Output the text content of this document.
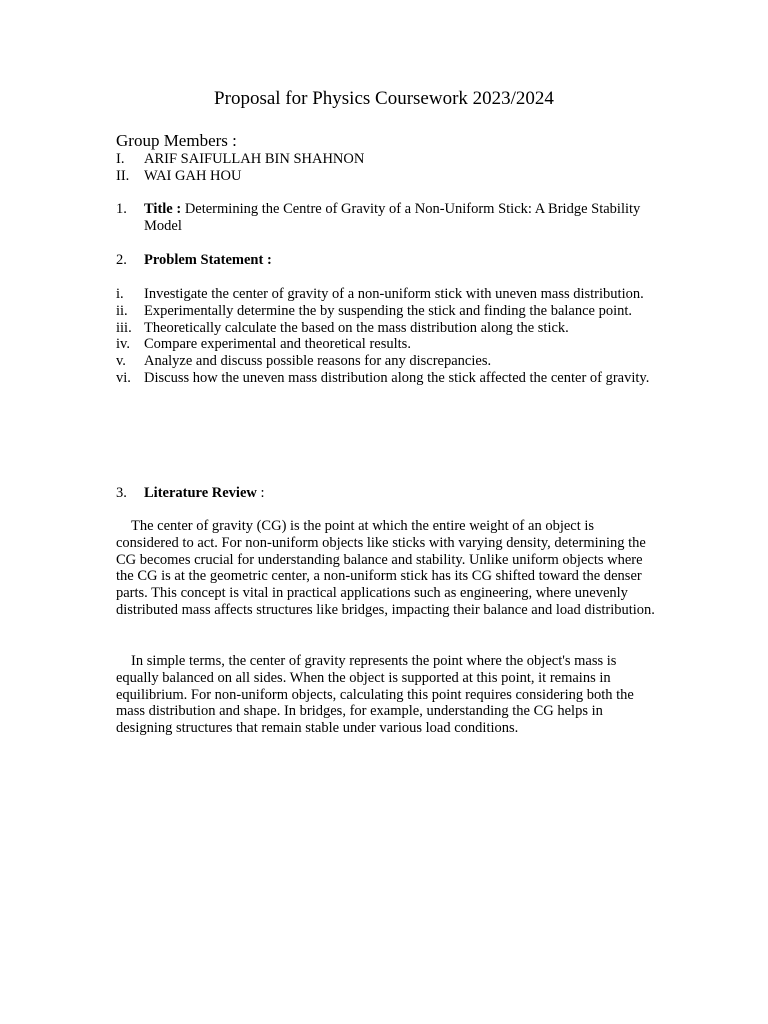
Proposal for Physics Coursework 2023/2024
Group Members :
I.	ARIF SAIFULLAH BIN SHAHNON
II.	WAI GAH HOU
1.	Title : Determining the Centre of Gravity of a Non-Uniform Stick: A Bridge Stability Model
2.	Problem Statement :
i.	Investigate the center of gravity of a non-uniform stick with uneven mass distribution.
ii.	Experimentally determine the by suspending the stick and finding the balance point.
iii. Theoretically calculate the based on the mass distribution along the stick.
iv. Compare experimental and theoretical results.
v.	Analyze and discuss possible reasons for any discrepancies.
vi. Discuss how the uneven mass distribution along the stick affected the center of gravity.
3.	Literature Review :

The center of gravity (CG) is the point at which the entire weight of an object is considered to act. For non-uniform objects like sticks with varying density, determining the CG becomes crucial for understanding balance and stability. Unlike uniform objects where the CG is at the geometric center, a non-uniform stick has its CG shifted toward the denser parts. This concept is vital in practical applications such as engineering, where unevenly distributed mass affects structures like bridges, impacting their balance and load distribution.

In simple terms, the center of gravity represents the point where the object's mass is equally balanced on all sides. When the object is supported at this point, it remains in equilibrium. For non-uniform objects, calculating this point requires considering both the mass distribution and shape. In bridges, for example, understanding the CG helps in designing structures that remain stable under various load conditions.
